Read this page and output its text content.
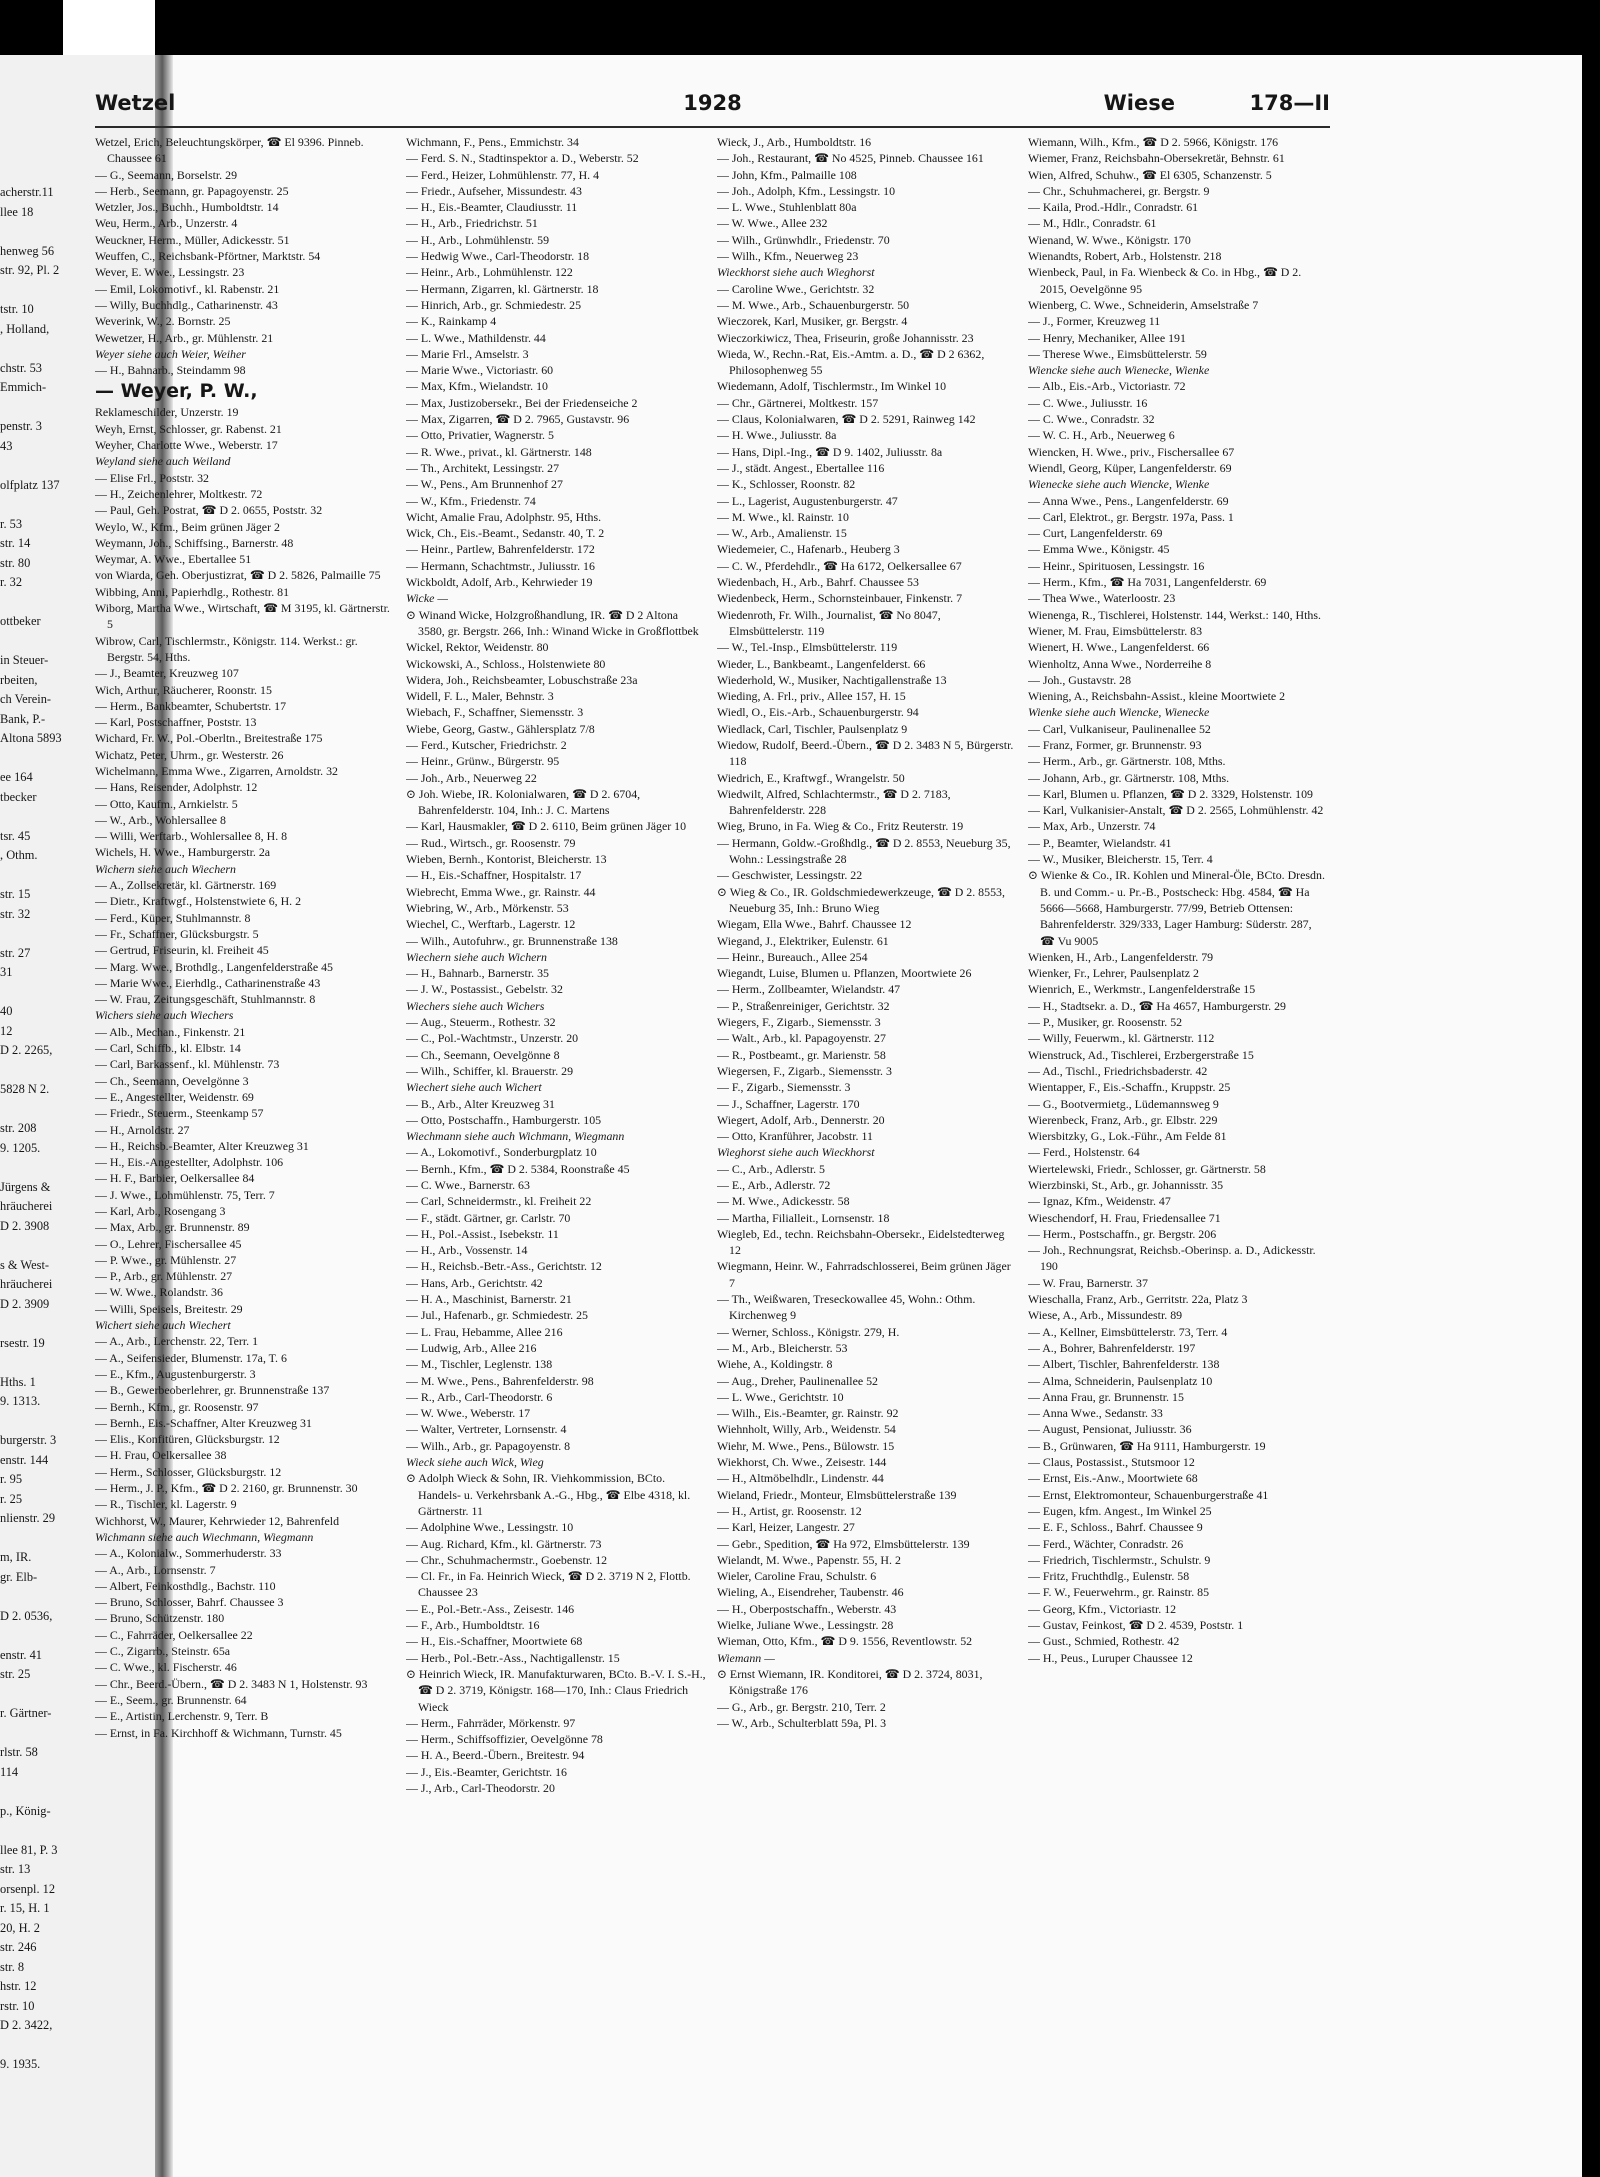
acherstr.11
llee 18
henweg 56
str. 92, Pl. 2
tstr. 10
, Holland,
chstr. 53
Emmich-
penstr. 3
43
olfplatz 137
r. 53
str. 14
str. 80
r. 32
ottbeker
in Steuer-
rbeiten,
ch Verein-
Bank, P.-
Altona 5893
ee 164
tbecker
tsr. 45
, Othm.
str. 15
str. 32
str. 27
31
40
12
D 2. 2265,
5828 N 2.
str. 208
9. 1205.
Jürgens &
hräucherei
D 2. 3908
s & West-
hräucherei
D 2. 3909
rsestr. 19
Hths. 1
9. 1313.
burgerstr. 3
enstr. 144
r. 95
r. 25
nlienstr. 29
m, IR.
gr. Elb-
D 2. 0536,
enstr. 41
str. 25
r. Gärtner-
rlstr. 58
114
p., König-
llee 81, P. 3
str. 13
orsenpl. 12
r. 15, H. 1
20, H. 2
str. 246
str. 8
hstr. 12
rstr. 10
D 2. 3422,
9. 1935.
Wetzel	1928	Wiese	178—II

Wetzel, Erich, Beleuchtungskörper, ☎ El 9396. Pinneb. Chaussee 61

— G., Seemann, Borselstr. 29

— Herb., Seemann, gr. Papagoyenstr. 25

Wetzler, Jos., Buchh., Humboldtstr. 14

Weu, Herm., Arb., Unzerstr. 4

Weuckner, Herm., Müller, Adickesstr. 51

Weuffen, C., Reichsbank-Pförtner, Marktstr. 54

Wever, E. Wwe., Lessingstr. 23

— Emil, Lokomotivf., kl. Rabenstr. 21

— Willy, Buchhdlg., Catharinenstr. 43

Weverink, W., 2. Bornstr. 25

Wewetzer, H., Arb., gr. Mühlenstr. 21

Weyer siehe auch Weier, Weiher

— H., Bahnarb., Steindamm 98

— Weyer, P. W.,

Reklameschilder, Unzerstr. 19

Weyh, Ernst, Schlosser, gr. Rabenst. 21

Weyher, Charlotte Wwe., Weberstr. 17

Weyland siehe auch Weiland

— Elise Frl., Poststr. 32

— H., Zeichenlehrer, Moltkestr. 72

— Paul, Geh. Postrat, ☎ D 2. 0655, Poststr. 32

Weylo, W., Kfm., Beim grünen Jäger 2

Weymann, Joh., Schiffsing., Barnerstr. 48

Weymar, A. Wwe., Ebertallee 51

von Wiarda, Geh. Oberjustizrat, ☎ D 2. 5826, Palmaille 75

Wibbing, Anni, Papierhdlg., Rothestr. 81

Wiborg, Martha Wwe., Wirtschaft, ☎ M 3195, kl. Gärtnerstr. 5

Wibrow, Carl, Tischlermstr., Königstr. 114. Werkst.: gr. Bergstr. 54, Hths.

— J., Beamter, Kreuzweg 107

Wich, Arthur, Räucherer, Roonstr. 15

— Herm., Bankbeamter, Schubertstr. 17

— Karl, Postschaffner, Poststr. 13

Wichard, Fr. W., Pol.-Oberltn., Breitestraße 175

Wichatz, Peter, Uhrm., gr. Westerstr. 26

Wichelmann, Emma Wwe., Zigarren, Arnoldstr. 32

— Hans, Reisender, Adolphstr. 12

— Otto, Kaufm., Arnkielstr. 5

— W., Arb., Wohlersallee 8

— Willi, Werftarb., Wohlersallee 8, H. 8

Wichels, H. Wwe., Hamburgerstr. 2a

Wichern siehe auch Wiechern

— A., Zollsekretär, kl. Gärtnerstr. 169

— Dietr., Kraftwgf., Holstenstwiete 6, H. 2

— Ferd., Küper, Stuhlmannstr. 8

— Fr., Schaffner, Glücksburgstr. 5

— Gertrud, Friseurin, kl. Freiheit 45

— Marg. Wwe., Brothdlg., Langenfelderstraße 45

— Marie Wwe., Eierhdlg., Catharinenstraße 43

— W. Frau, Zeitungsgeschäft, Stuhlmannstr. 8

Wichers siehe auch Wiechers

— Alb., Mechan., Finkenstr. 21

— Carl, Schiffb., kl. Elbstr. 14

— Carl, Barkassenf., kl. Mühlenstr. 73

— Ch., Seemann, Oevelgönne 3

— E., Angestellter, Weidenstr. 69

— Friedr., Steuerm., Steenkamp 57

— H., Arnoldstr. 27

— H., Reichsb.-Beamter, Alter Kreuzweg 31

— H., Eis.-Angestellter, Adolphstr. 106

— H. F., Barbier, Oelkersallee 84

— J. Wwe., Lohmühlenstr. 75, Terr. 7

— Karl, Arb., Rosengang 3

— Max, Arb., gr. Brunnenstr. 89

— O., Lehrer, Fischersallee 45

— P. Wwe., gr. Mühlenstr. 27

— P., Arb., gr. Mühlenstr. 27

— W. Wwe., Rolandstr. 36

— Willi, Speisels, Breitestr. 29

Wichert siehe auch Wiechert

— A., Arb., Lerchenstr. 22, Terr. 1

— A., Seifensieder, Blumenstr. 17a, T. 6

— E., Kfm., Augustenburgerstr. 3

— B., Gewerbeoberlehrer, gr. Brunnenstraße 137

— Bernh., Kfm., gr. Roosenstr. 97

— Bernh., Eis.-Schaffner, Alter Kreuzweg 31

— Elis., Konfitüren, Glücksburgstr. 12

— H. Frau, Oelkersallee 38

— Herm., Schlosser, Glücksburgstr. 12

— Herm., J. P., Kfm., ☎ D 2. 2160, gr. Brunnenstr. 30

— R., Tischler, kl. Lagerstr. 9

Wichhorst, W., Maurer, Kehrwieder 12, Bahrenfeld

Wichmann siehe auch Wiechmann, Wiegmann

— A., Kolonialw., Sommerhuderstr. 33

— A., Arb., Lornsenstr. 7

— Albert, Feinkosthdlg., Bachstr. 110

— Bruno, Schlosser, Bahrf. Chaussee 3

— Bruno, Schützenstr. 180

— C., Fahrräder, Oelkersallee 22

— C., Zigarrb., Steinstr. 65a

— C. Wwe., kl. Fischerstr. 46

— Chr., Beerd.-Übern., ☎ D 2. 3483 N 1, Holstenstr. 93

— E., Seem., gr. Brunnenstr. 64

— E., Artistin, Lerchenstr. 9, Terr. B

— Ernst, in Fa. Kirchhoff & Wichmann, Turnstr. 45

Wichmann, F., Pens., Emmichstr. 34

— Ferd. S. N., Stadtinspektor a. D., Weberstr. 52

— Ferd., Heizer, Lohmühlenstr. 77, H. 4

— Friedr., Aufseher, Missundestr. 43

— H., Eis.-Beamter, Claudiusstr. 11

— H., Arb., Friedrichstr. 51

— H., Arb., Lohmühlenstr. 59

— Hedwig Wwe., Carl-Theodorstr. 18

— Heinr., Arb., Lohmühlenstr. 122

— Hermann, Zigarren, kl. Gärtnerstr. 18

— Hinrich, Arb., gr. Schmiedestr. 25

— K., Rainkamp 4

— L. Wwe., Mathildenstr. 44

— Marie Frl., Amselstr. 3

— Marie Wwe., Victoriastr. 60

— Max, Kfm., Wielandstr. 10

— Max, Justizobersekr., Bei der Friedenseiche 2

— Max, Zigarren, ☎ D 2. 7965, Gustavstr. 96

— Otto, Privatier, Wagnerstr. 5

— R. Wwe., privat., kl. Gärtnerstr. 148

— Th., Architekt, Lessingstr. 27

— W., Pens., Am Brunnenhof 27

— W., Kfm., Friedenstr. 74

Wicht, Amalie Frau, Adolphstr. 95, Hths.

Wick, Ch., Eis.-Beamt., Sedanstr. 40, T. 2

— Heinr., Partlew, Bahrenfelderstr. 172

— Hermann, Schachtmstr., Juliusstr. 16

Wickboldt, Adolf, Arb., Kehrwieder 19

Wicke —

⊙ Winand Wicke, Holzgroßhandlung, IR. ☎ D 2 Altona 3580, gr. Bergstr. 266, Inh.: Winand Wicke in Großflottbek

Wickel, Rektor, Weidenstr. 80

Wickowski, A., Schloss., Holstenwiete 80

Widera, Joh., Reichsbeamter, Lobuschstraße 23a

Widell, F. L., Maler, Behnstr. 3

Wiebach, F., Schaffner, Siemensstr. 3

Wiebe, Georg, Gastw., Gählersplatz 7/8

— Ferd., Kutscher, Friedrichstr. 2

— Heinr., Grünw., Bürgerstr. 95

— Joh., Arb., Neuerweg 22

⊙ Joh. Wiebe, IR. Kolonialwaren, ☎ D 2. 6704, Bahrenfelderstr. 104, Inh.: J. C. Martens

— Karl, Hausmakler, ☎ D 2. 6110, Beim grünen Jäger 10

— Rud., Wirtsch., gr. Roosenstr. 79

Wieben, Bernh., Kontorist, Bleicherstr. 13

— H., Eis.-Schaffner, Hospitalstr. 17

Wiebrecht, Emma Wwe., gr. Rainstr. 44

Wiebring, W., Arb., Mörkenstr. 53

Wiechel, C., Werftarb., Lagerstr. 12

— Wilh., Autofuhrw., gr. Brunnenstraße 138

Wiechern siehe auch Wichern

— H., Bahnarb., Barnerstr. 35

— J. W., Postassist., Gebelstr. 32

Wiechers siehe auch Wichers

— Aug., Steuerm., Rothestr. 32

— C., Pol.-Wachtmstr., Unzerstr. 20

— Ch., Seemann, Oevelgönne 8

— Wilh., Schiffer, kl. Brauerstr. 29

Wiechert siehe auch Wichert

— B., Arb., Alter Kreuzweg 31

— Otto, Postschaffn., Hamburgerstr. 105

Wiechmann siehe auch Wichmann, Wiegmann

— A., Lokomotivf., Sonderburgplatz 10

— Bernh., Kfm., ☎ D 2. 5384, Roonstraße 45

— C. Wwe., Barnerstr. 63

— Carl, Schneidermstr., kl. Freiheit 22

— F., städt. Gärtner, gr. Carlstr. 70

— H., Pol.-Assist., Isebekstr. 11

— H., Arb., Vossenstr. 14

— H., Reichsb.-Betr.-Ass., Gerichtstr. 12

— Hans, Arb., Gerichtstr. 42

— H. A., Maschinist, Barnerstr. 21

— Jul., Hafenarb., gr. Schmiedestr. 25

— L. Frau, Hebamme, Allee 216

— Ludwig, Arb., Allee 216

— M., Tischler, Leglenstr. 138

— M. Wwe., Pens., Bahrenfelderstr. 98

— R., Arb., Carl-Theodorstr. 6

— W. Wwe., Weberstr. 17

— Walter, Vertreter, Lornsenstr. 4

— Wilh., Arb., gr. Papagoyenstr. 8

Wieck siehe auch Wick, Wieg

⊙ Adolph Wieck & Sohn, IR. Viehkommission, BCto. Handels- u. Verkehrsbank A.-G., Hbg., ☎ Elbe 4318, kl. Gärtnerstr. 11

— Adolphine Wwe., Lessingstr. 10

— Aug. Richard, Kfm., kl. Gärtnerstr. 73

— Chr., Schuhmachermstr., Goebenstr. 12

— Cl. Fr., in Fa. Heinrich Wieck, ☎ D 2. 3719 N 2, Flottb. Chaussee 23

— E., Pol.-Betr.-Ass., Zeisestr. 146

— F., Arb., Humboldtstr. 16

— H., Eis.-Schaffner, Moortwiete 68

— Herb., Pol.-Betr.-Ass., Nachtigallenstr. 15

⊙ Heinrich Wieck, IR. Manufakturwaren, BCto. B.-V. I. S.-H., ☎ D 2. 3719, Königstr. 168—170, Inh.: Claus Friedrich Wieck

— Herm., Fahrräder, Mörkenstr. 97

— Herm., Schiffsoffizier, Oevelgönne 78

— H. A., Beerd.-Übern., Breitestr. 94

— J., Eis.-Beamter, Gerichtstr. 16

— J., Arb., Carl-Theodorstr. 20

Wieck, J., Arb., Humboldtstr. 16

— Joh., Restaurant, ☎ No 4525, Pinneb. Chaussee 161

— John, Kfm., Palmaille 108

— Joh., Adolph, Kfm., Lessingstr. 10

— L. Wwe., Stuhlenblatt 80a

— W. Wwe., Allee 232

— Wilh., Grünwhdlr., Friedenstr. 70

— Wilh., Kfm., Neuerweg 23

Wieckhorst siehe auch Wieghorst

— Caroline Wwe., Gerichtstr. 32

— M. Wwe., Arb., Schauenburgerstr. 50

Wieczorek, Karl, Musiker, gr. Bergstr. 4

Wieczorkiwicz, Thea, Friseurin, große Johannisstr. 23

Wieda, W., Rechn.-Rat, Eis.-Amtm. a. D., ☎ D 2 6362, Philosophenweg 55

Wiedemann, Adolf, Tischlermstr., Im Winkel 10

— Chr., Gärtnerei, Moltkestr. 157

— Claus, Kolonialwaren, ☎ D 2. 5291, Rainweg 142

— H. Wwe., Juliusstr. 8a

— Hans, Dipl.-Ing., ☎ D 9. 1402, Juliusstr. 8a

— J., städt. Angest., Ebertallee 116

— K., Schlosser, Roonstr. 82

— L., Lagerist, Augustenburgerstr. 47

— M. Wwe., kl. Rainstr. 10

— W., Arb., Amalienstr. 15

Wiedemeier, C., Hafenarb., Heuberg 3

— C. W., Pferdehdlr., ☎ Ha 6172, Oelkersallee 67

Wiedenbach, H., Arb., Bahrf. Chaussee 53

Wiedenbeck, Herm., Schornsteinbauer, Finkenstr. 7

Wiedenroth, Fr. Wilh., Journalist, ☎ No 8047, Elmsbüttelerstr. 119

— W., Tel.-Insp., Elmsbüttelerstr. 119

Wieder, L., Bankbeamt., Langenfelderst. 66

Wiederhold, W., Musiker, Nachtigallenstraße 13

Wieding, A. Frl., priv., Allee 157, H. 15

Wiedl, O., Eis.-Arb., Schauenburgerstr. 94

Wiedlack, Carl, Tischler, Paulsenplatz 9

Wiedow, Rudolf, Beerd.-Übern., ☎ D 2. 3483 N 5, Bürgerstr. 118

Wiedrich, E., Kraftwgf., Wrangelstr. 50

Wiedwilt, Alfred, Schlachtermstr., ☎ D 2. 7183, Bahrenfelderstr. 228

Wieg, Bruno, in Fa. Wieg & Co., Fritz Reuterstr. 19

— Hermann, Goldw.-Großhdlg., ☎ D 2. 8553, Neueburg 35, Wohn.: Lessingstraße 28

— Geschwister, Lessingstr. 22

⊙ Wieg & Co., IR. Goldschmiedewerkzeuge, ☎ D 2. 8553, Neueburg 35, Inh.: Bruno Wieg

Wiegam, Ella Wwe., Bahrf. Chaussee 12

Wiegand, J., Elektriker, Eulenstr. 61

— Heinr., Bureauch., Allee 254

Wiegandt, Luise, Blumen u. Pflanzen, Moortwiete 26

— Herm., Zollbeamter, Wielandstr. 47

— P., Straßenreiniger, Gerichtstr. 32

Wiegers, F., Zigarb., Siemensstr. 3

— Walt., Arb., kl. Papagoyenstr. 27

— R., Postbeamt., gr. Marienstr. 58

Wiegersen, F., Zigarb., Siemensstr. 3

— F., Zigarb., Siemensstr. 3

— J., Schaffner, Lagerstr. 170

Wiegert, Adolf, Arb., Dennerstr. 20

— Otto, Kranführer, Jacobstr. 11

Wieghorst siehe auch Wieckhorst

— C., Arb., Adlerstr. 5

— E., Arb., Adlerstr. 72

— M. Wwe., Adickesstr. 58

— Martha, Filialleit., Lornsenstr. 18

Wiegleb, Ed., techn. Reichsbahn-Obersekr., Eidelstedterweg 12

Wiegmann, Heinr. W., Fahrradschlosserei, Beim grünen Jäger 7

— Th., Weißwaren, Treseckowallee 45, Wohn.: Othm. Kirchenweg 9

— Werner, Schloss., Königstr. 279, H.

— M., Arb., Bleicherstr. 53

Wiehe, A., Koldingstr. 8

— Aug., Dreher, Paulinenallee 52

— L. Wwe., Gerichtstr. 10

— Wilh., Eis.-Beamter, gr. Rainstr. 92

Wiehnholt, Willy, Arb., Weidenstr. 54

Wiehr, M. Wwe., Pens., Bülowstr. 15

Wiekhorst, Ch. Wwe., Zeisestr. 144

— H., Altmöbelhdlr., Lindenstr. 44

Wieland, Friedr., Monteur, Elmsbüttelerstraße 139

— H., Artist, gr. Roosenstr. 12

— Karl, Heizer, Langestr. 27

— Gebr., Spedition, ☎ Ha 972, Elmsbüttelerstr. 139

Wielandt, M. Wwe., Papenstr. 55, H. 2

Wieler, Caroline Frau, Schulstr. 6

Wieling, A., Eisendreher, Taubenstr. 46

— H., Oberpostschaffn., Weberstr. 43

Wielke, Juliane Wwe., Lessingstr. 28

Wieman, Otto, Kfm., ☎ D 9. 1556, Reventlowstr. 52

Wiemann —

⊙ Ernst Wiemann, IR. Konditorei, ☎ D 2. 3724, 8031, Königstraße 176

— G., Arb., gr. Bergstr. 210, Terr. 2

— W., Arb., Schulterblatt 59a, Pl. 3

Wiemann, Wilh., Kfm., ☎ D 2. 5966, Königstr. 176

Wiemer, Franz, Reichsbahn-Obersekretär, Behnstr. 61

Wien, Alfred, Schuhw., ☎ El 6305, Schanzenstr. 5

— Chr., Schuhmacherei, gr. Bergstr. 9

— Kaila, Prod.-Hdlr., Conradstr. 61

— M., Hdlr., Conradstr. 61

Wienand, W. Wwe., Königstr. 170

Wienandts, Robert, Arb., Holstenstr. 218

Wienbeck, Paul, in Fa. Wienbeck & Co. in Hbg., ☎ D 2. 2015, Oevelgönne 95

Wienberg, C. Wwe., Schneiderin, Amselstraße 7

— J., Former, Kreuzweg 11

— Henry, Mechaniker, Allee 191

— Therese Wwe., Eimsbüttelerstr. 59

Wiencke siehe auch Wienecke, Wienke

— Alb., Eis.-Arb., Victoriastr. 72

— C. Wwe., Juliusstr. 16

— C. Wwe., Conradstr. 32

— W. C. H., Arb., Neuerweg 6

Wiencken, H. Wwe., priv., Fischersallee 67

Wiendl, Georg, Küper, Langenfelderstr. 69

Wienecke siehe auch Wiencke, Wienke

— Anna Wwe., Pens., Langenfelderstr. 69

— Carl, Elektrot., gr. Bergstr. 197a, Pass. 1

— Curt, Langenfelderstr. 69

— Emma Wwe., Königstr. 45

— Heinr., Spirituosen, Lessingstr. 16

— Herm., Kfm., ☎ Ha 7031, Langenfelderstr. 69

— Thea Wwe., Waterloostr. 23

Wienenga, R., Tischlerei, Holstenstr. 144, Werkst.: 140, Hths.

Wiener, M. Frau, Eimsbüttelerstr. 83

Wienert, H. Wwe., Langenfelderst. 66

Wienholtz, Anna Wwe., Norderreihe 8

— Joh., Gustavstr. 28

Wiening, A., Reichsbahn-Assist., kleine Moortwiete 2

Wienke siehe auch Wiencke, Wienecke

— Carl, Vulkaniseur, Paulinenallee 52

— Franz, Former, gr. Brunnenstr. 93

— Herm., Arb., gr. Gärtnerstr. 108, Mths.

— Johann, Arb., gr. Gärtnerstr. 108, Mths.

— Karl, Blumen u. Pflanzen, ☎ D 2. 3329, Holstenstr. 109

— Karl, Vulkanisier-Anstalt, ☎ D 2. 2565, Lohmühlenstr. 42

— Max, Arb., Unzerstr. 74

— P., Beamter, Wielandstr. 41

— W., Musiker, Bleicherstr. 15, Terr. 4

⊙ Wienke & Co., IR. Kohlen und Mineral-Öle, BCto. Dresdn. B. und Comm.- u. Pr.-B., Postscheck: Hbg. 4584, ☎ Ha 5666—5668, Hamburgerstr. 77/99, Betrieb Ottensen: Bahrenfelderstr. 329/333, Lager Hamburg: Süderstr. 287, ☎ Vu 9005

Wienken, H., Arb., Langenfelderstr. 79

Wienker, Fr., Lehrer, Paulsenplatz 2

Wienrich, E., Werkmstr., Langenfelderstraße 15

— H., Stadtsekr. a. D., ☎ Ha 4657, Hamburgerstr. 29

— P., Musiker, gr. Roosenstr. 52

— Willy, Feuerwm., kl. Gärtnerstr. 112

Wienstruck, Ad., Tischlerei, Erzbergerstraße 15

— Ad., Tischl., Friedrichsbaderstr. 42

Wientapper, F., Eis.-Schaffn., Kruppstr. 25

— G., Bootvermietg., Lüdemannsweg 9

Wierenbeck, Franz, Arb., gr. Elbstr. 229

Wiersbitzky, G., Lok.-Führ., Am Felde 81

— Ferd., Holstenstr. 64

Wiertelewski, Friedr., Schlosser, gr. Gärtnerstr. 58

Wierzbinski, St., Arb., gr. Johannisstr. 35

— Ignaz, Kfm., Weidenstr. 47

Wieschendorf, H. Frau, Friedensallee 71

— Herm., Postschaffn., gr. Bergstr. 206

— Joh., Rechnungsrat, Reichsb.-Oberinsp. a. D., Adickesstr. 190

— W. Frau, Barnerstr. 37

Wieschalla, Franz, Arb., Gerritstr. 22a, Platz 3

Wiese, A., Arb., Missundestr. 89

— A., Kellner, Eimsbüttelerstr. 73, Terr. 4

— A., Bohrer, Bahrenfelderstr. 197

— Albert, Tischler, Bahrenfelderstr. 138

— Alma, Schneiderin, Paulsenplatz 10

— Anna Frau, gr. Brunnenstr. 15

— Anna Wwe., Sedanstr. 33

— August, Pensionat, Juliusstr. 36

— B., Grünwaren, ☎ Ha 9111, Hamburgerstr. 19

— Claus, Postassist., Stutsmoor 12

— Ernst, Eis.-Anw., Moortwiete 68

— Ernst, Elektromonteur, Schauenburgerstraße 41

— Eugen, kfm. Angest., Im Winkel 25

— E. F., Schloss., Bahrf. Chaussee 9

— Ferd., Wächter, Conradstr. 26

— Friedrich, Tischlermstr., Schulstr. 9

— Fritz, Fruchthdlg., Eulenstr. 58

— F. W., Feuerwehrm., gr. Rainstr. 85

— Georg, Kfm., Victoriastr. 12

— Gustav, Feinkost, ☎ D 2. 4539, Poststr. 1

— Gust., Schmied, Rothestr. 42

— H., Peus., Luruper Chaussee 12
